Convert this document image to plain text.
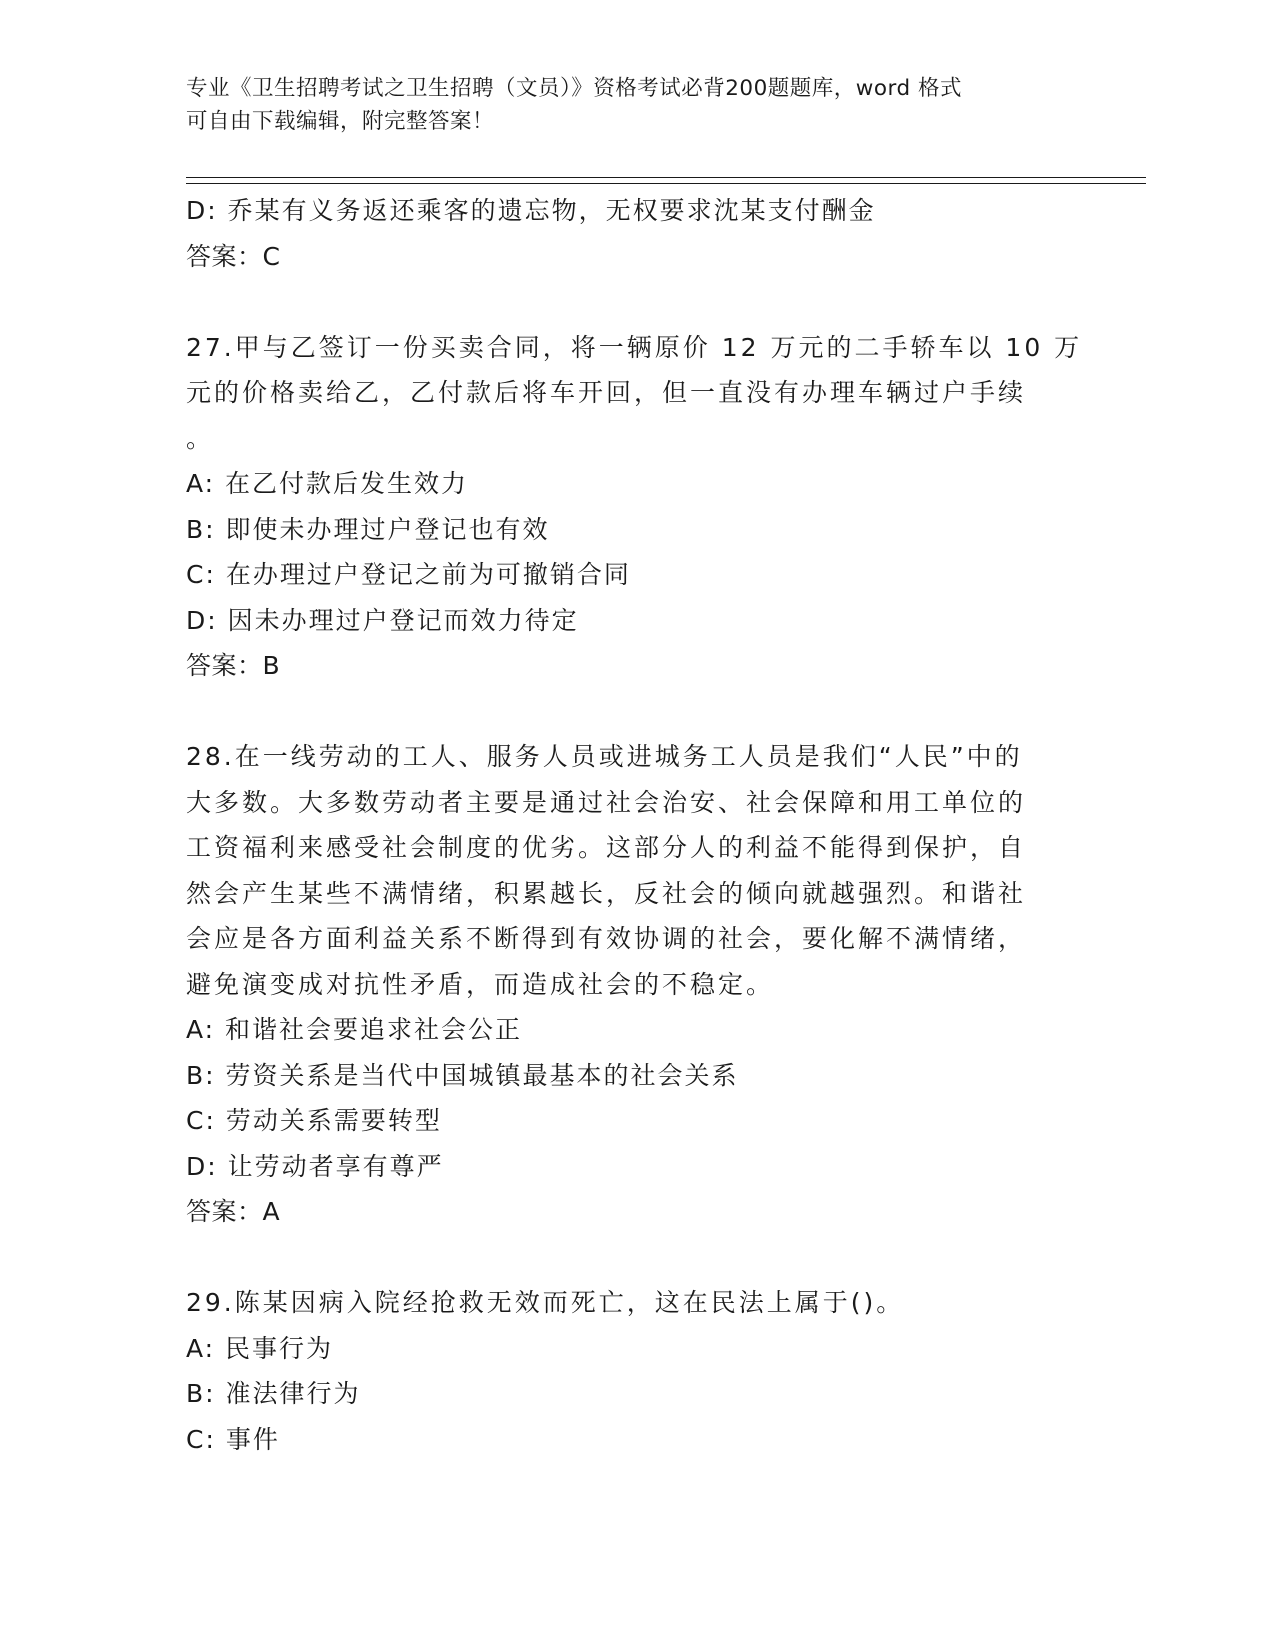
专业《卫生招聘考试之卫生招聘（文员）》资格考试必背200题题库，word 格式
可自由下载编辑，附完整答案！
D: 乔某有义务返还乘客的遗忘物，无权要求沈某支付酬金
答案：C
27.甲与乙签订一份买卖合同，将一辆原价 12 万元的二手轿车以 10 万
元的价格卖给乙，乙付款后将车开回，但一直没有办理车辆过户手续
。
A: 在乙付款后发生效力
B: 即使未办理过户登记也有效
C: 在办理过户登记之前为可撤销合同
D: 因未办理过户登记而效力待定
答案：B
28.在一线劳动的工人、服务人员或进城务工人员是我们“人民”中的
大多数。大多数劳动者主要是通过社会治安、社会保障和用工单位的
工资福利来感受社会制度的优劣。这部分人的利益不能得到保护，自
然会产生某些不满情绪，积累越长，反社会的倾向就越强烈。和谐社
会应是各方面利益关系不断得到有效协调的社会，要化解不满情绪，
避免演变成对抗性矛盾，而造成社会的不稳定。
A: 和谐社会要追求社会公正
B: 劳资关系是当代中国城镇最基本的社会关系
C: 劳动关系需要转型
D: 让劳动者享有尊严
答案：A
29.陈某因病入院经抢救无效而死亡，这在民法上属于()。
A: 民事行为
B: 准法律行为
C: 事件
